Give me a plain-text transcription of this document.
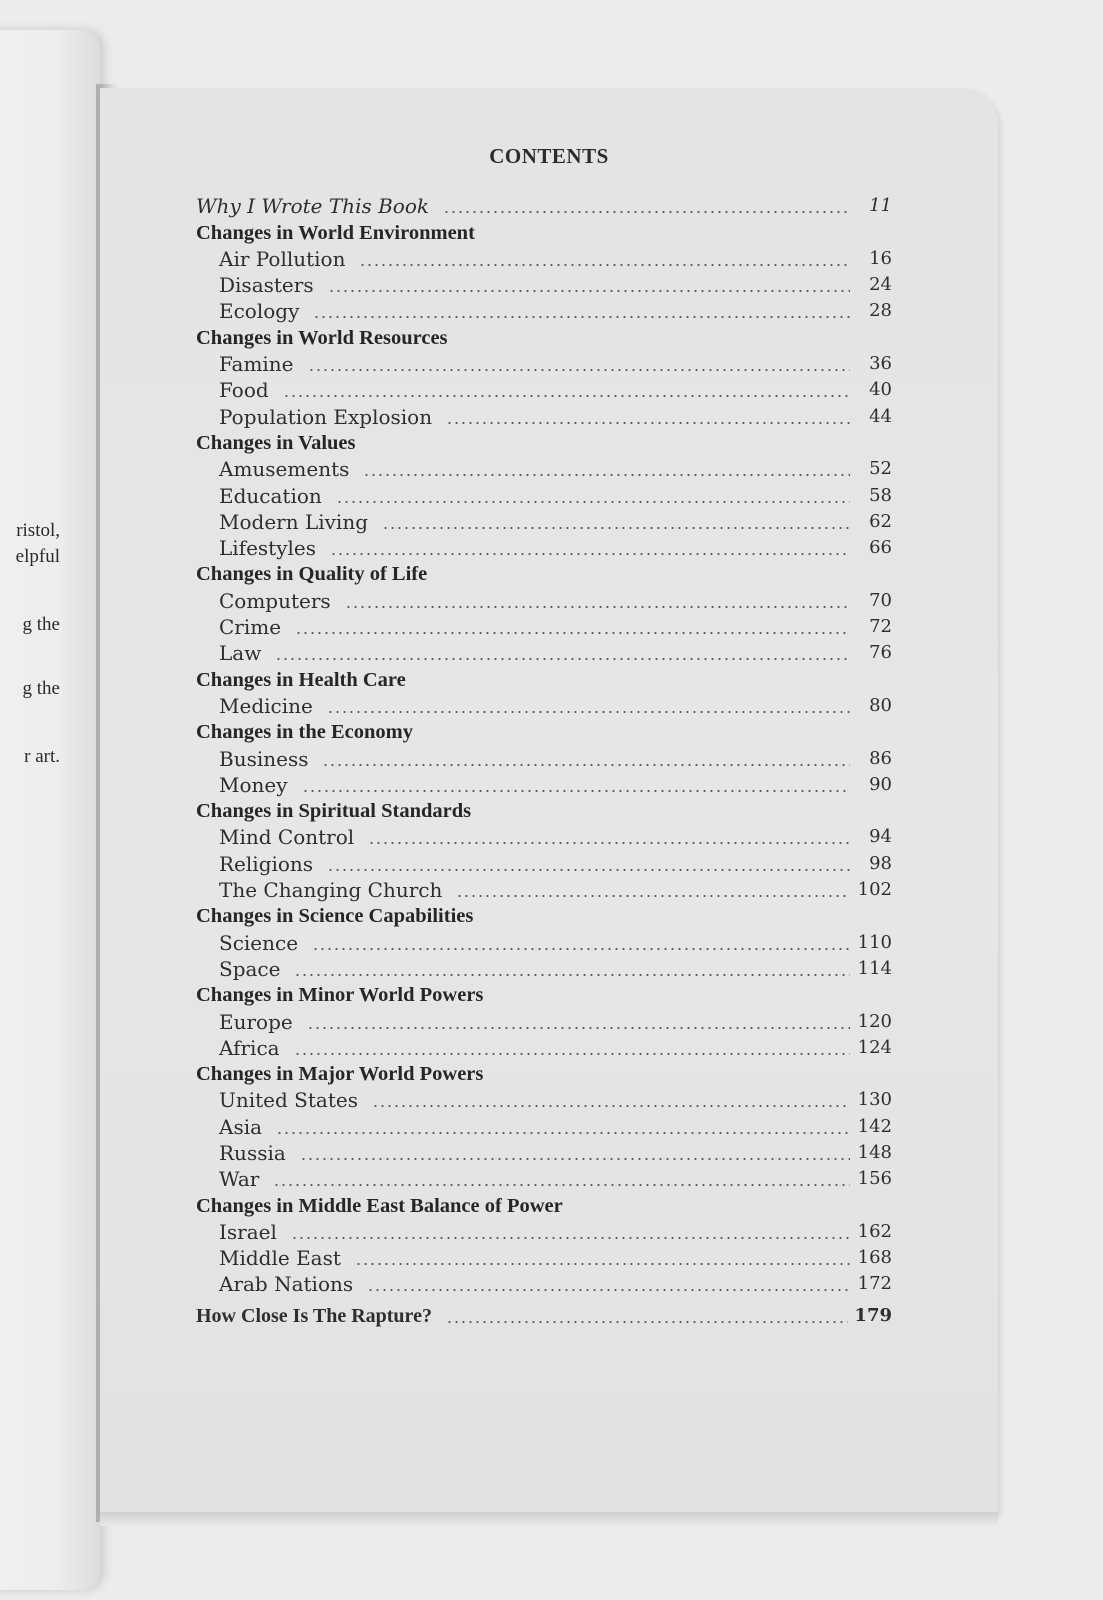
ristol,
elpful
g the
g the
r art.
CONTENTS
Why I Wrote This Book	11
Changes in World Environment
Air Pollution	16
Disasters	24
Ecology	28
Changes in World Resources
Famine	36
Food	40
Population Explosion	44
Changes in Values
Amusements	52
Education	58
Modern Living	62
Lifestyles	66
Changes in Quality of Life
Computers	70
Crime	72
Law	76
Changes in Health Care
Medicine	80
Changes in the Economy
Business	86
Money	90
Changes in Spiritual Standards
Mind Control	94
Religions	98
The Changing Church	102
Changes in Science Capabilities
Science	110
Space	114
Changes in Minor World Powers
Europe	120
Africa	124
Changes in Major World Powers
United States	130
Asia	142
Russia	148
War	156
Changes in Middle East Balance of Power
Israel	162
Middle East	168
Arab Nations	172
How Close Is The Rapture?	179
